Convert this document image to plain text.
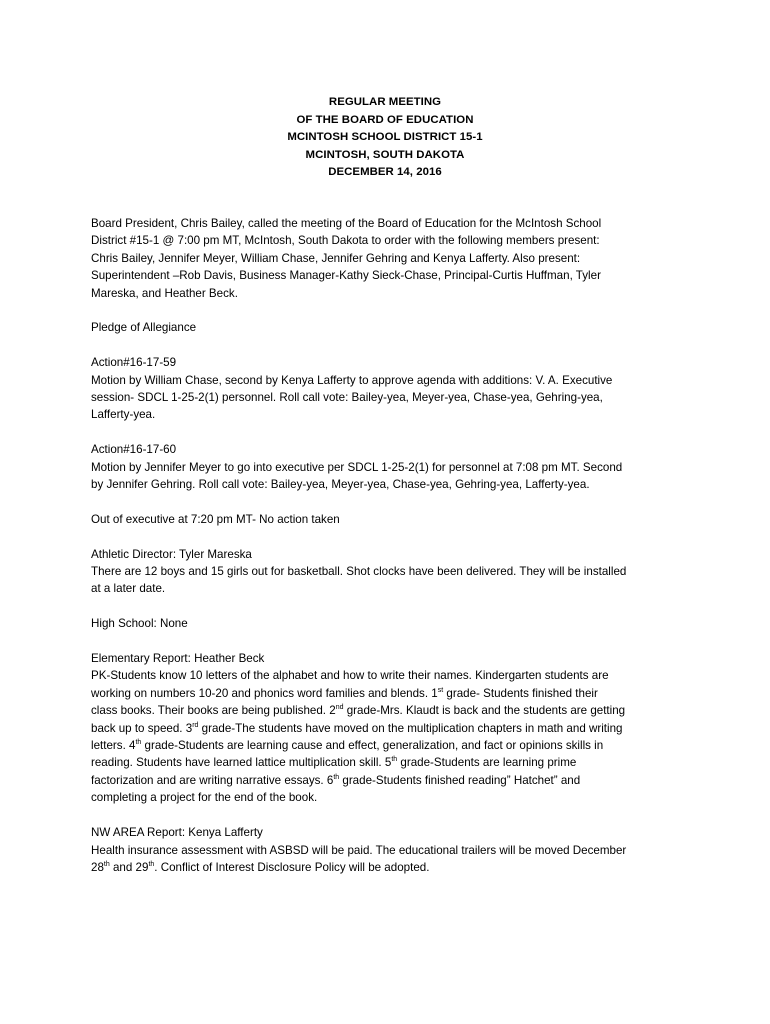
REGULAR MEETING
OF THE BOARD OF EDUCATION
MCINTOSH SCHOOL DISTRICT 15-1
MCINTOSH, SOUTH DAKOTA
DECEMBER 14, 2016

Board President, Chris Bailey, called the meeting of the Board of Education for the McIntosh School
District #15-1 @ 7:00 pm MT, McIntosh, South Dakota to order with the following members present:
Chris Bailey, Jennifer Meyer, William Chase, Jennifer Gehring and Kenya Lafferty. Also present:
Superintendent –Rob Davis, Business Manager-Kathy Sieck-Chase, Principal-Curtis Huffman, Tyler
Mareska, and Heather Beck.

Pledge of Allegiance

Action#16-17-59
Motion by William Chase, second by Kenya Lafferty to approve agenda with additions: V. A. Executive
session- SDCL 1-25-2(1) personnel. Roll call vote: Bailey-yea, Meyer-yea, Chase-yea, Gehring-yea,
Lafferty-yea.

Action#16-17-60
Motion by Jennifer Meyer to go into executive per SDCL 1-25-2(1) for personnel at 7:08 pm MT. Second
by Jennifer Gehring. Roll call vote: Bailey-yea, Meyer-yea, Chase-yea, Gehring-yea, Lafferty-yea.

Out of executive at 7:20 pm MT- No action taken

Athletic Director: Tyler Mareska
There are 12 boys and 15 girls out for basketball. Shot clocks have been delivered. They will be installed
at a later date.

High School: None

Elementary Report: Heather Beck
PK-Students know 10 letters of the alphabet and how to write their names. Kindergarten students are
working on numbers 10-20 and phonics word families and blends. 1st grade- Students finished their
class books. Their books are being published. 2nd grade-Mrs. Klaudt is back and the students are getting
back up to speed. 3rd grade-The students have moved on the multiplication chapters in math and writing
letters. 4th grade-Students are learning cause and effect, generalization, and fact or opinions skills in
reading. Students have learned lattice multiplication skill. 5th grade-Students are learning prime
factorization and are writing narrative essays. 6th grade-Students finished reading” Hatchet” and
completing a project for the end of the book.

NW AREA Report: Kenya Lafferty
Health insurance assessment with ASBSD will be paid. The educational trailers will be moved December
28th and 29th. Conflict of Interest Disclosure Policy will be adopted.
